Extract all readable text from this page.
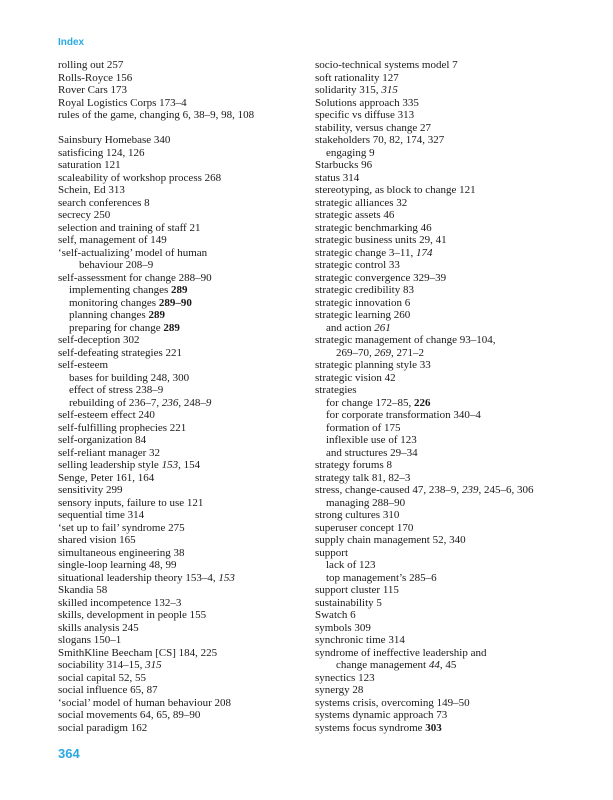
Index
rolling out 257
Rolls-Royce 156
Rover Cars 173
Royal Logistics Corps 173–4
rules of the game, changing 6, 38–9, 98, 108
Sainsbury Homebase 340
satisficing 124, 126
saturation 121
scaleability of workshop process 268
Schein, Ed 313
search conferences 8
secrecy 250
selection and training of staff 21
self, management of 149
‘self-actualizing’ model of human
behaviour 208–9
self-assessment for change 288–90
implementing changes 289
monitoring changes 289–90
planning changes 289
preparing for change 289
self-deception 302
self-defeating strategies 221
self-esteem
bases for building 248, 300
effect of stress 238–9
rebuilding of 236–7, 236, 248–9
self-esteem effect 240
self-fulfilling prophecies 221
self-organization 84
self-reliant manager 32
selling leadership style 153, 154
Senge, Peter 161, 164
sensitivity 299
sensory inputs, failure to use 121
sequential time 314
‘set up to fail’ syndrome 275
shared vision 165
simultaneous engineering 38
single-loop learning 48, 99
situational leadership theory 153–4, 153
Skandia 58
skilled incompetence 132–3
skills, development in people 155
skills analysis 245
slogans 150–1
SmithKline Beecham [CS] 184, 225
sociability 314–15, 315
social capital 52, 55
social influence 65, 87
‘social’ model of human behaviour 208
social movements 64, 65, 89–90
social paradigm 162
socio-technical systems model 7
soft rationality 127
solidarity 315, 315
Solutions approach 335
specific vs diffuse 313
stability, versus change 27
stakeholders 70, 82, 174, 327
engaging 9
Starbucks 96
status 314
stereotyping, as block to change 121
strategic alliances 32
strategic assets 46
strategic benchmarking 46
strategic business units 29, 41
strategic change 3–11, 174
strategic control 33
strategic convergence 329–39
strategic credibility 83
strategic innovation 6
strategic learning 260
and action 261
strategic management of change 93–104,
269–70, 269, 271–2
strategic planning style 33
strategic vision 42
strategies
for change 172–85, 226
for corporate transformation 340–4
formation of 175
inflexible use of 123
and structures 29–34
strategy forums 8
strategy talk 81, 82–3
stress, change-caused 47, 238–9, 239, 245–6, 306
managing 288–90
strong cultures 310
superuser concept 170
supply chain management 52, 340
support
lack of 123
top management’s 285–6
support cluster 115
sustainability 5
Swatch 6
symbols 309
synchronic time 314
syndrome of ineffective leadership and
change management 44, 45
synectics 123
synergy 28
systems crisis, overcoming 149–50
systems dynamic approach 73
systems focus syndrome 303
364
